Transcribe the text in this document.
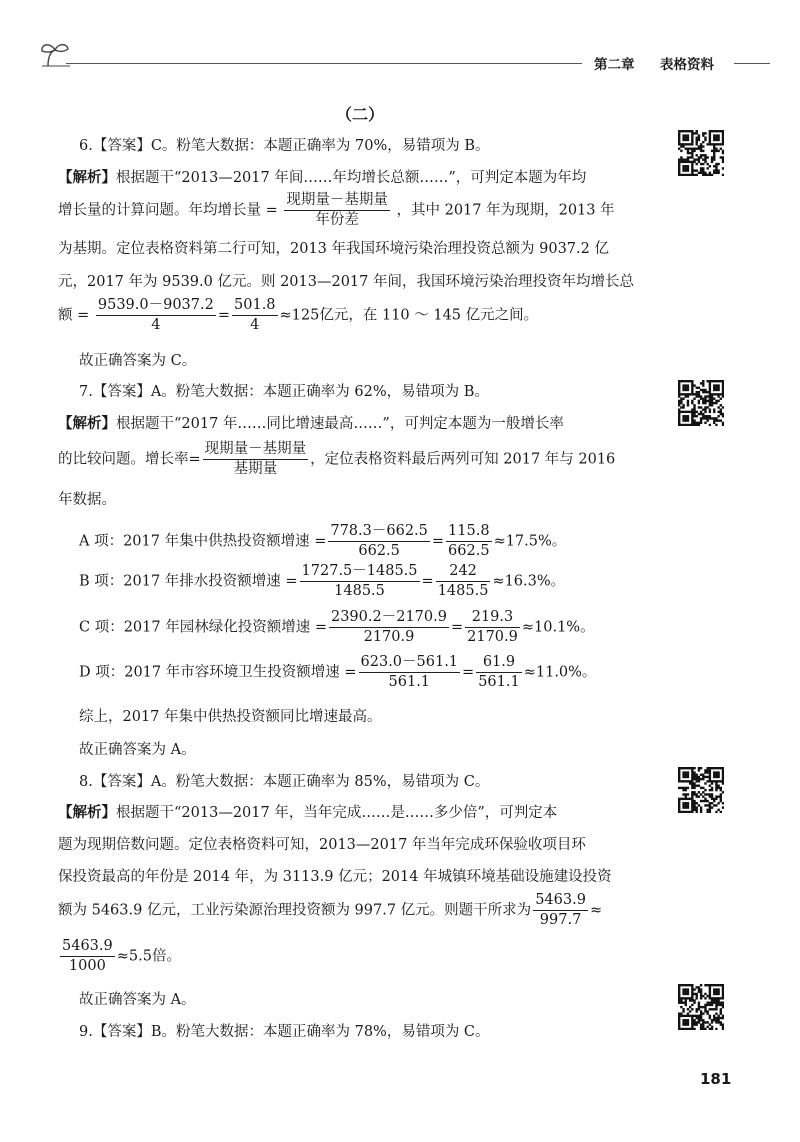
第二章 表格资料
（二）
6.【答案】C。粉笔大数据：本题正确率为 70%，易错项为 B。
【解析】根据题干“2013—2017 年间……年均增长总额……”，可判定本题为年均
增长量的计算问题。年均增长量 = $\frac{\text{现期量－基期量}}{\text{年份差}}$ ，其中 2017 年为现期，2013 年
为基期。定位表格资料第二行可知，2013 年我国环境污染治理投资总额为 9037.2 亿
元，2017 年为 9539.0 亿元。则 2013—2017 年间，我国环境污染治理投资年均增长总
额 = $\frac{9539.0-9037.2}{4} = \frac{501.8}{4} \approx 125$亿元，在 110 ～ 145 亿元之间。
故正确答案为 C。
7.【答案】A。粉笔大数据：本题正确率为 62%，易错项为 B。
【解析】根据题干“2017 年……同比增速最高……”，可判定本题为一般增长率
的比较问题。增长率= $\frac{\text{现期量－基期量}}{\text{基期量}}$ ，定位表格资料最后两列可知 2017 年与 2016
年数据。
A 项：2017 年集中供热投资额增速 = $\frac{778.3-662.5}{662.5} = \frac{115.8}{662.5} \approx 17.5\%$。
B 项：2017 年排水投资额增速 = $\frac{1727.5-1485.5}{1485.5} = \frac{242}{1485.5} \approx 16.3\%$。
C 项：2017 年园林绿化投资额增速 = $\frac{2390.2-2170.9}{2170.9} = \frac{219.3}{2170.9} \approx 10.1\%$。
D 项：2017 年市容环境卫生投资额增速 = $\frac{623.0-561.1}{561.1} = \frac{61.9}{561.1} \approx 11.0\%$。
综上，2017 年集中供热投资额同比增速最高。
故正确答案为 A。
8.【答案】A。粉笔大数据：本题正确率为 85%，易错项为 C。
【解析】根据题干“2013—2017 年，当年完成……是……多少倍”，可判定本
题为现期倍数问题。定位表格资料可知，2013—2017 年当年完成环保验收项目环
保投资最高的年份是 2014 年，为 3113.9 亿元；2014 年城镇环境基础设施建设投资
额为 5463.9 亿元，工业污染源治理投资额为 997.7 亿元。则题干所求为 $\frac{5463.9}{997.7}$ ≈
$\frac{5463.9}{1000} \approx 5.5$倍。
故正确答案为 A。
9.【答案】B。粉笔大数据：本题正确率为 78%，易错项为 C。
181
